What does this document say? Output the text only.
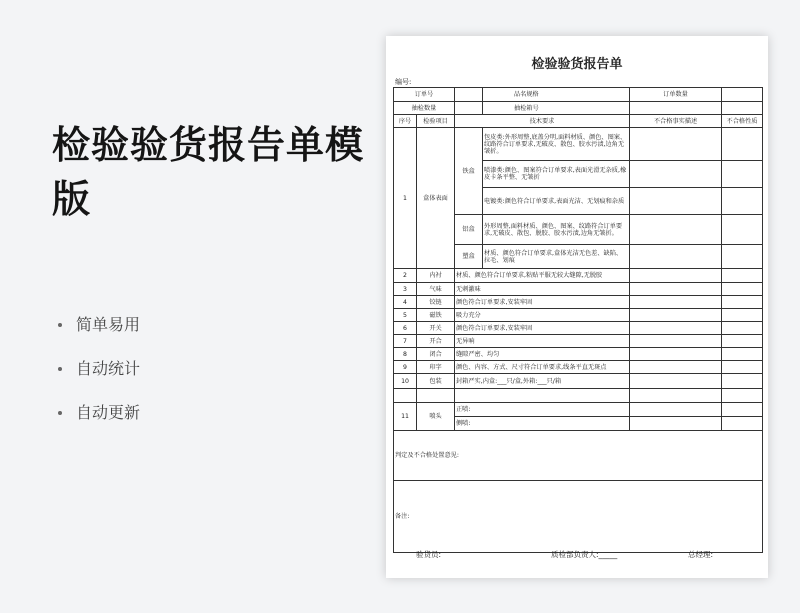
检验验货报告单模版
简单易用
自动统计
自动更新
检验验货报告单
编号:
订单号			品名规格	订单数量	
抽检数量			抽检箱号		
序号	检验项目	技术要求		不合格事实描述	不合格性质
1	盒体表面	铁盒	包皮类:外形周整,底盖分明,面料材质、颜色、图案、纹路符合订单要求,无破皮、散包、胶水污渍,边角无皱折。		
			喷漆类:颜色、图案符合订单要求,表面光滑无杂质,橡皮卡条平整、无皱折		
			电镀类:颜色符合订单要求,表面光洁、无划痕和杂质		
		铝盒	外形周整,面料材质、颜色、图案、纹路符合订单要求,无破皮、散包、脱胶、胶水污渍,边角无皱折。		
		塑盒	材质、颜色符合订单要求,盒体光洁无色差、缺陷、拉毛、划痕		
2	内衬	材质、颜色符合订单要求,粘贴平服无较大缝隙,无脱胶			
3	气味	无刺激味			
4	铰链	颜色符合订单要求,安装牢固			
5	磁铁	吸力充分			
6	开关	颜色符合订单要求,安装牢固			
7	开合	无异响			
8	闭合	缝隙严密、均匀			
9	印字	颜色、内容、方式、尺寸符合订单要求,线条平直无斑点			
10	包装	封箱严实,内盒:___只/盒,外箱:___只/箱			

11	喷头	正喷:			
		侧喷:			
判定及不合格处置意见:					
备注:					
验货员:	质检部负责人:_____	总经理:
